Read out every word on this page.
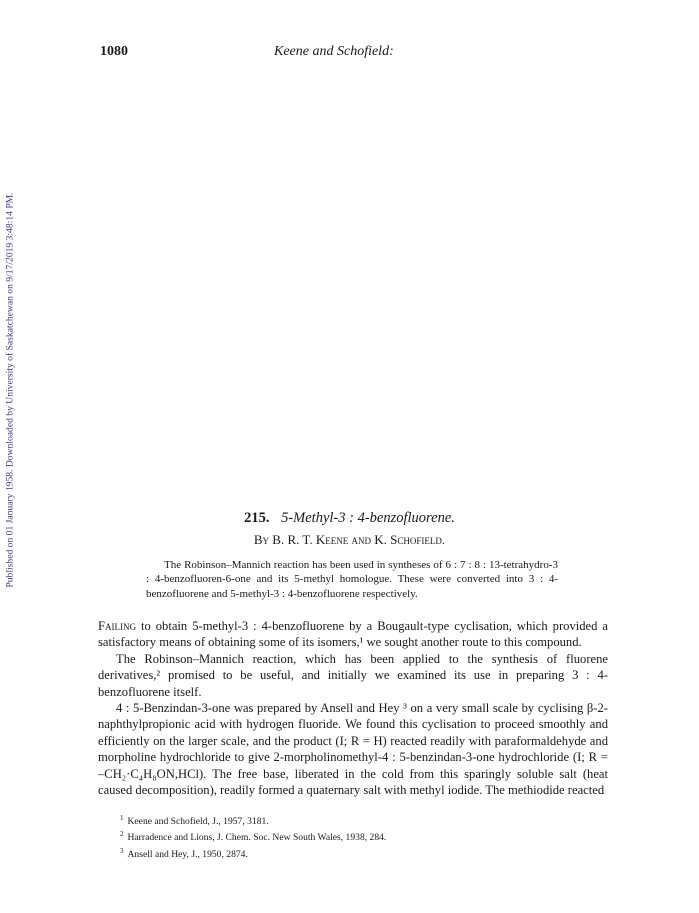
Published on 01 January 1958. Downloaded by University of Saskatchewan on 9/17/2019 3:48:14 PM.
1080	Keene and Schofield:
215. 5-Methyl-3 : 4-benzofluorene.
By B. R. T. Keene and K. Schofield.
The Robinson–Mannich reaction has been used in syntheses of 6 : 7 : 8 : 13-tetrahydro-3 : 4-benzofluoren-6-one and its 5-methyl homologue. These were converted into 3 : 4-benzofluorene and 5-methyl-3 : 4-benzofluorene respectively.

Failing to obtain 5-methyl-3 : 4-benzofluorene by a Bougault-type cyclisation, which provided a satisfactory means of obtaining some of its isomers,¹ we sought another route to this compound.

The Robinson–Mannich reaction, which has been applied to the synthesis of fluorene derivatives,² promised to be useful, and initially we examined its use in preparing 3 : 4-benzofluorene itself.

4 : 5-Benzindan-3-one was prepared by Ansell and Hey ³ on a very small scale by cyclising β-2-naphthylpropionic acid with hydrogen fluoride. We found this cyclisation to proceed smoothly and efficiently on the larger scale, and the product (I; R = H) reacted readily with paraformaldehyde and morpholine hydrochloride to give 2-morpholinomethyl-4 : 5-benzindan-3-one hydrochloride (I; R = –CH₂·C₄H₈ON,HCl). The free base, liberated in the cold from this sparingly soluble salt (heat caused decomposition), readily formed a quaternary salt with methyl iodide. The methiodide reacted

$^1$ Keene and Schofield, J., 1957, 3181.
$^2$ Harradence and Lions, J. Chem. Soc. New South Wales, 1938, 284.
$^3$ Ansell and Hey, J., 1950, 2874.
